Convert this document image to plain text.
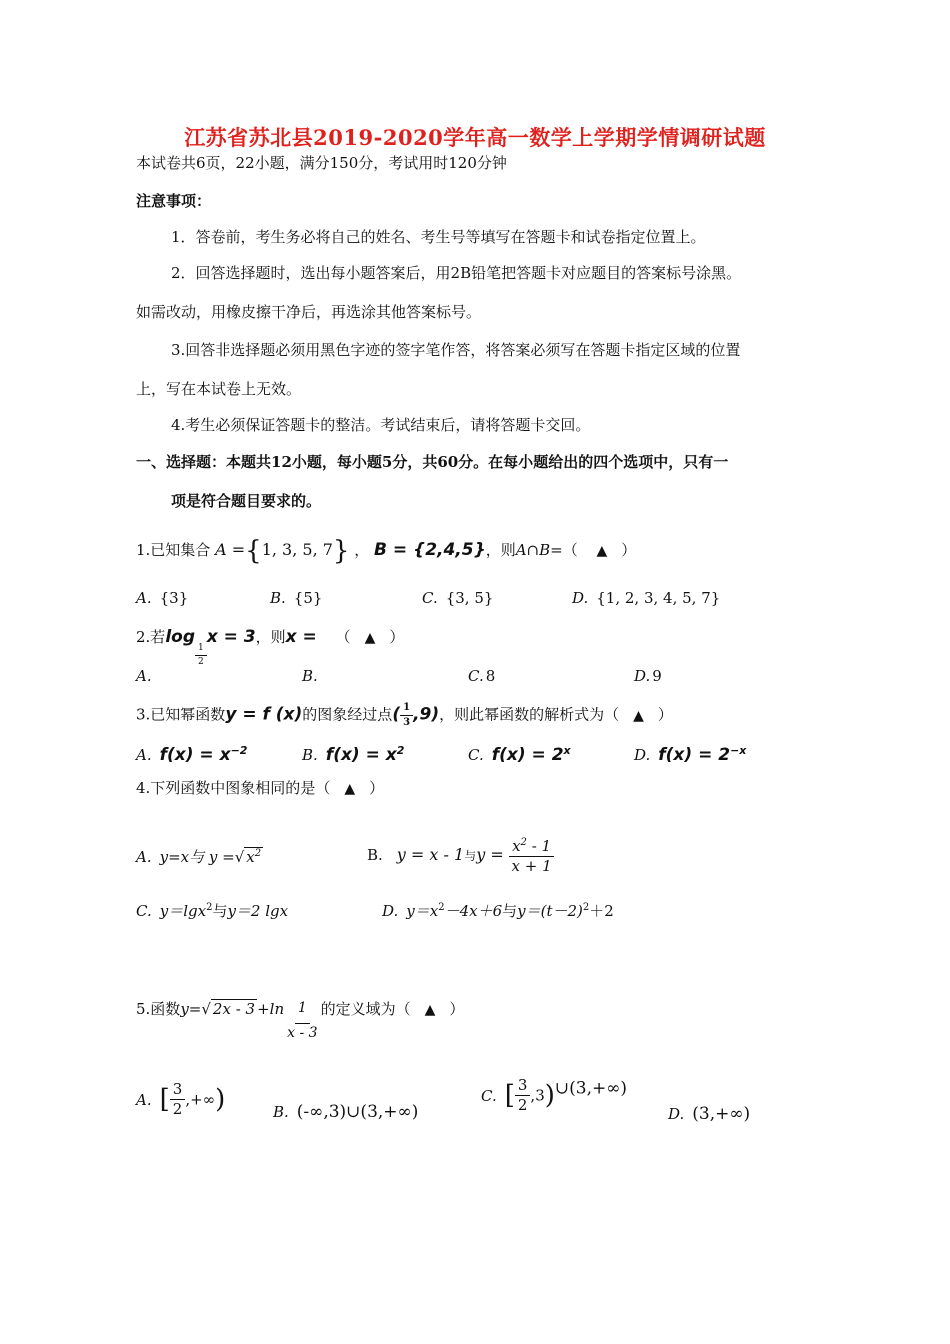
江苏省苏北县2019-2020学年高一数学上学期学情调研试题
本试卷共6页，22小题，满分150分，考试用时120分钟
注意事项：
1．答卷前，考生务必将自己的姓名、考生号等填写在答题卡和试卷指定位置上。
2．回答选择题时，选出每小题答案后，用2B铅笔把答题卡对应题目的答案标号涂黑。
如需改动，用橡皮擦干净后，再选涂其他答案标号。
3.回答非选择题必须用黑色字迹的签字笔作答，将答案必须写在答题卡指定区域的位置
上，写在本试卷上无效。
4.考生必须保证答题卡的整洁。考试结束后，请将答题卡交回。
一、选择题：本题共12小题，每小题5分，共60分。在每小题给出的四个选项中，只有一
项是符合题目要求的。
1.已知集合 A ={1, 3, 5, 7} ， B = {2,4,5}，则A∩B=（ ▲ ）
A. {3}	B. {5}	C. {3, 5}	D. {1, 2, 3, 4, 5, 7}
2.若log
$\frac{1}{2}$
x = 3，则x = （ ▲ ）
A.	B.	C. 8	D. 9
3.已知幂函数y = f (x)的图象经过点( $\frac{1}{3} ,9$)，则此幂函数的解析式为（ ▲ ）
A. $f(x) = x^{-2}$	B. $f(x) = x^2$	C. $f(x) = 2^x$	D. $f(x) = 2^{-x}$
4.下列函数中图象相同的是（ ▲ ）
A. y=x与 y =√ $x^2$	B. y = x - 1与$y = \frac{x^2 - 1}{x + 1}$
C. y＝lgx$^2$与y＝2 lgx	D. $y=x^2-4x+6$与$y=(t-2)^2+2$
5.函数y=√ $2x - 3 +\ln \frac{1}{x - 3}$ 的定义域为（ ▲ ）
A. [ $\frac{3}{2}$ ,+∞)	B. (-∞,3)∪(3,+∞)
C. [ $\frac{3}{2}$ ,3)∪(3,+∞)
D. (3,+∞)
